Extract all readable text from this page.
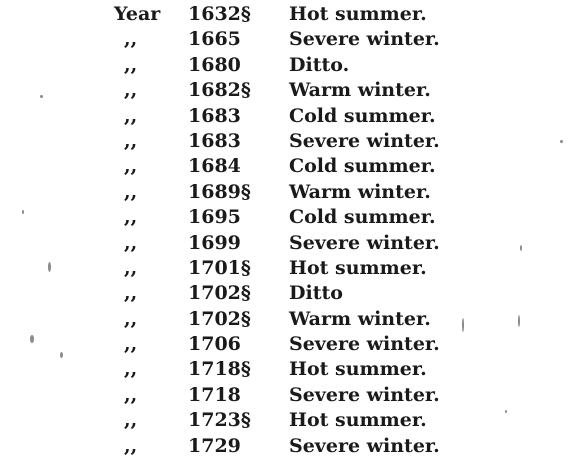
Year 1632§ Hot summer.
,,	1665	Severe winter.
,,	1680	Ditto.
,,	1682§ Warm winter.
,,	1683	Cold summer.
,,	1683	Severe winter.
,,	1684	Cold summer.
,,	1689§ Warm winter.
,,	1695	Cold summer.
,,	1699	Severe winter.
,,	1701§ Hot summer.
,,	1702§ Ditto
,,	1702§ Warm winter.
,,	1706	Severe winter.
,,	1718§ Hot summer.
,,	1718	Severe winter.
,,	1723§ Hot summer.
,,	1729	Severe winter.
